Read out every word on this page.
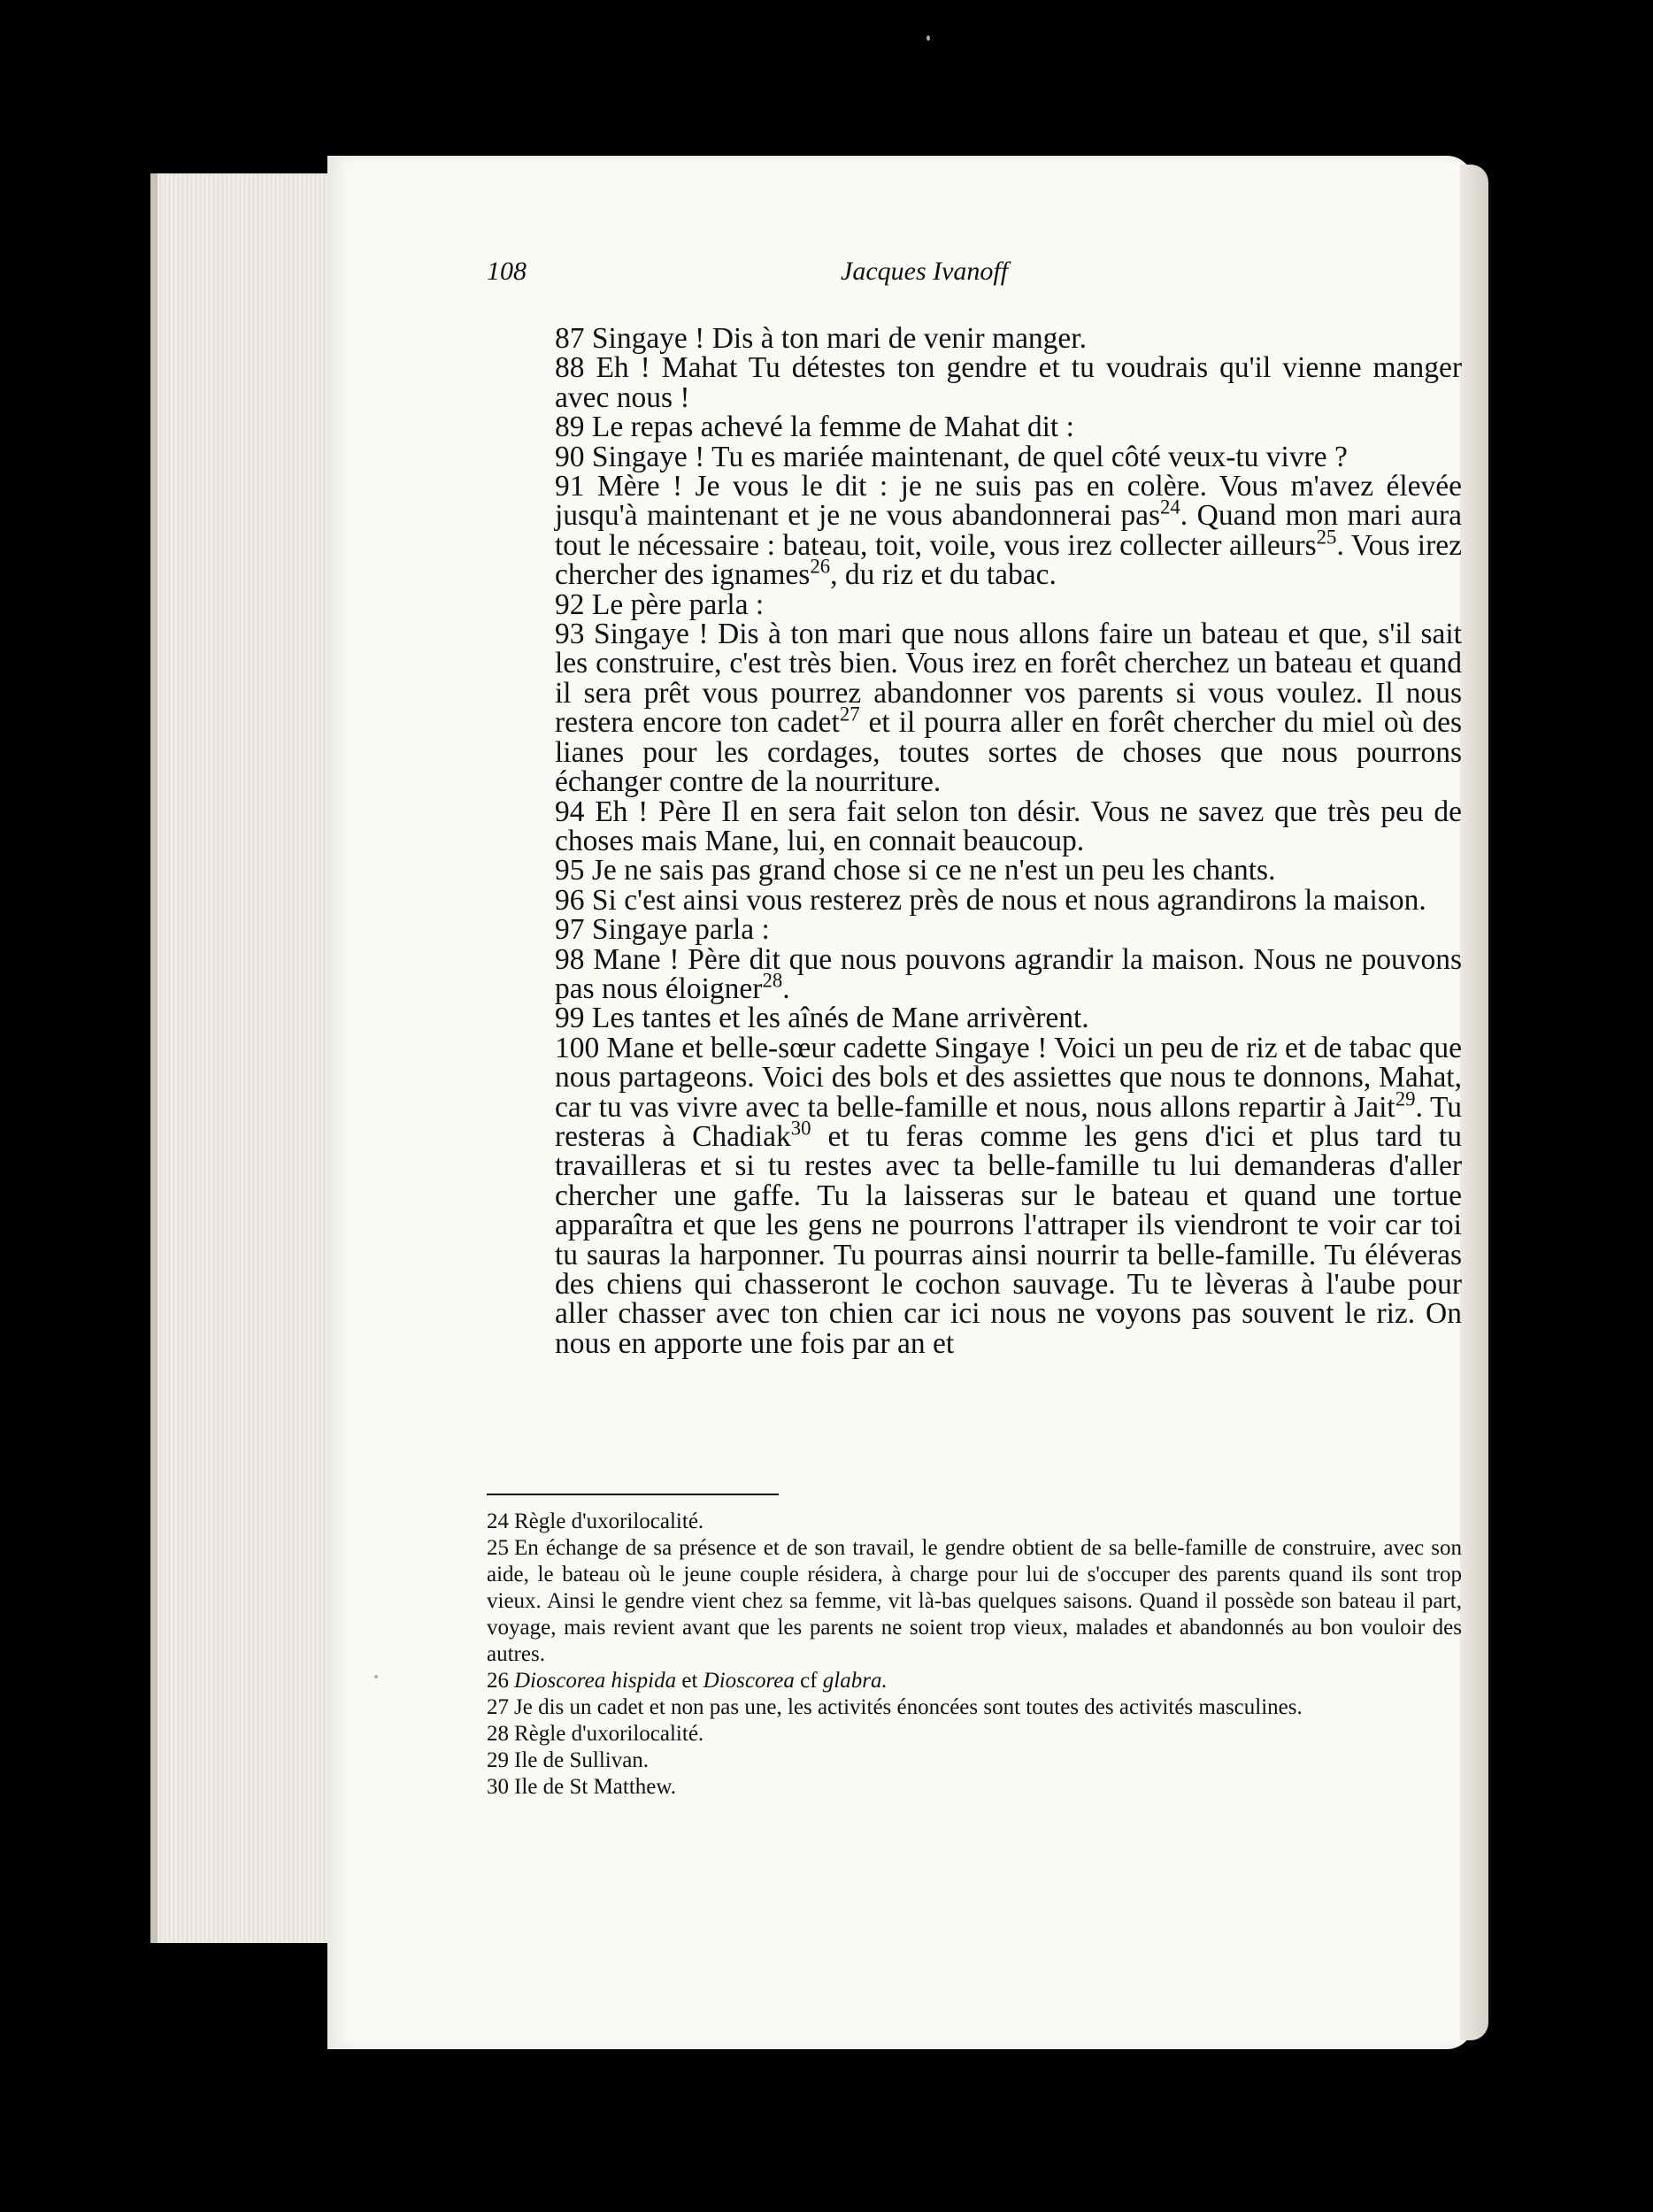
108	Jacques Ivanoff

87 Singaye ! Dis à ton mari de venir manger.

88 Eh ! Mahat Tu détestes ton gendre et tu voudrais qu'il vienne manger avec nous !

89 Le repas achevé la femme de Mahat dit :

90 Singaye ! Tu es mariée maintenant, de quel côté veux-tu vivre ?

91 Mère ! Je vous le dit : je ne suis pas en colère. Vous m'avez élevée jusqu'à maintenant et je ne vous abandonnerai pas$^{24}$. Quand mon mari aura tout le nécessaire : bateau, toit, voile, vous irez collecter ailleurs$^{25}$. Vous irez chercher des ignames$^{26}$, du riz et du tabac.

92 Le père parla :

93 Singaye ! Dis à ton mari que nous allons faire un bateau et que, s'il sait les construire, c'est très bien. Vous irez en forêt cherchez un bateau et quand il sera prêt vous pourrez abandonner vos parents si vous voulez. Il nous restera encore ton cadet$^{27}$ et il pourra aller en forêt chercher du miel où des lianes pour les cordages, toutes sortes de choses que nous pourrons échanger contre de la nourriture.

94 Eh ! Père Il en sera fait selon ton désir. Vous ne savez que très peu de choses mais Mane, lui, en connait beaucoup.

95 Je ne sais pas grand chose si ce ne n'est un peu les chants.

96 Si c'est ainsi vous resterez près de nous et nous agrandirons la maison.

97 Singaye parla :

98 Mane ! Père dit que nous pouvons agrandir la maison. Nous ne pouvons pas nous éloigner$^{28}$.

99 Les tantes et les aînés de Mane arrivèrent.

100 Mane et belle-sœur cadette Singaye ! Voici un peu de riz et de tabac que nous partageons. Voici des bols et des assiettes que nous te donnons, Mahat, car tu vas vivre avec ta belle-famille et nous, nous allons repartir à Jait$^{29}$. Tu resteras à Chadiak$^{30}$ et tu feras comme les gens d'ici et plus tard tu travailleras et si tu restes avec ta belle-famille tu lui demanderas d'aller chercher une gaffe. Tu la laisseras sur le bateau et quand une tortue apparaîtra et que les gens ne pourrons l'attraper ils viendront te voir car toi tu sauras la harponner. Tu pourras ainsi nourrir ta belle-famille. Tu éléveras des chiens qui chasseront le cochon sauvage. Tu te lèveras à l'aube pour aller chasser avec ton chien car ici nous ne voyons pas souvent le riz. On nous en apporte une fois par an et

24 Règle d'uxorilocalité.

25 En échange de sa présence et de son travail, le gendre obtient de sa belle-famille de construire, avec son aide, le bateau où le jeune couple résidera, à charge pour lui de s'occuper des parents quand ils sont trop vieux. Ainsi le gendre vient chez sa femme, vit là-bas quelques saisons. Quand il possède son bateau il part, voyage, mais revient avant que les parents ne soient trop vieux, malades et abandonnés au bon vouloir des autres.

26 Dioscorea hispida et Dioscorea cf glabra.

27 Je dis un cadet et non pas une, les activités énoncées sont toutes des activités masculines.

28 Règle d'uxorilocalité.

29 Ile de Sullivan.

30 Ile de St Matthew.
